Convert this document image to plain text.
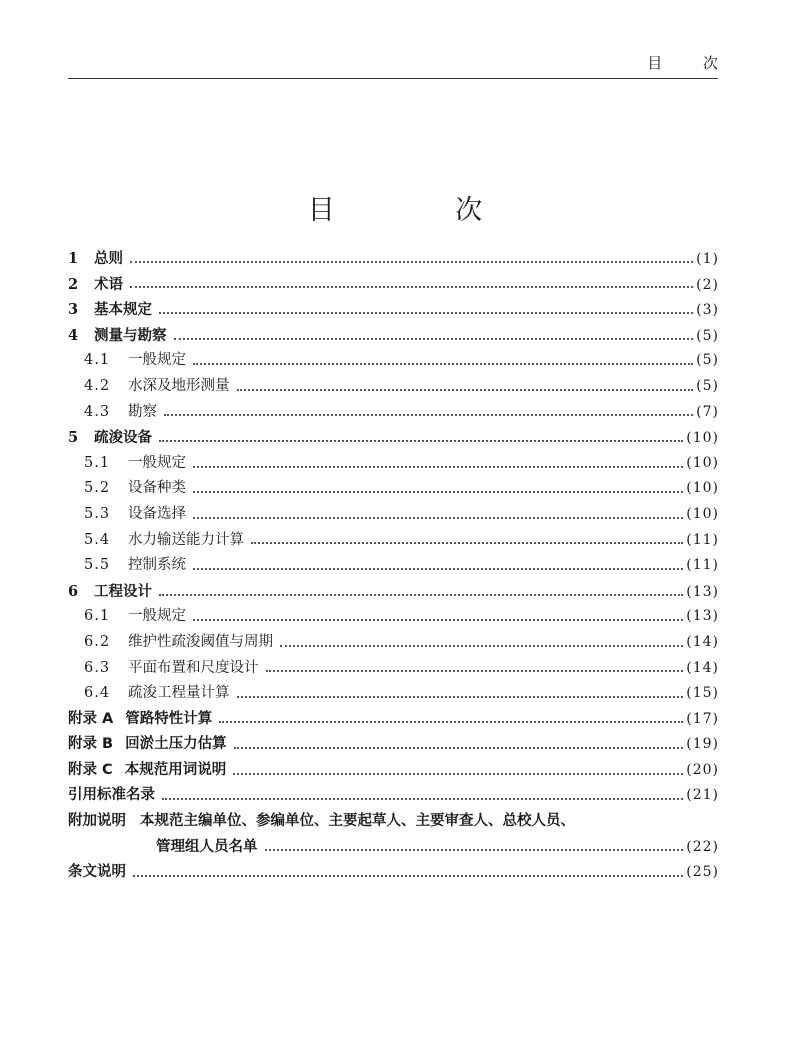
目 次
目 次
1	总则	(1)
2	术语	(2)
3	基本规定	(3)
4	测量与勘察	(5)
4.1	一般规定	(5)
4.2	水深及地形测量	(5)
4.3	勘察	(7)
5	疏浚设备	(10)
5.1	一般规定	(10)
5.2	设备种类	(10)
5.3	设备选择	(10)
5.4	水力输送能力计算	(11)
5.5	控制系统	(11)
6	工程设计	(13)
6.1	一般规定	(13)
6.2	维护性疏浚阈值与周期	(14)
6.3	平面布置和尺度设计	(14)
6.4	疏浚工程量计算	(15)
附录 A 管路特性计算	(17)
附录 B 回淤土压力估算	(19)
附录 C 本规范用词说明	(20)
引用标准名录	(21)
附加说明 本规范主编单位、参编单位、主要起草人、主要审查人、总校人员、
管理组人员名单	(22)
条文说明	(25)
